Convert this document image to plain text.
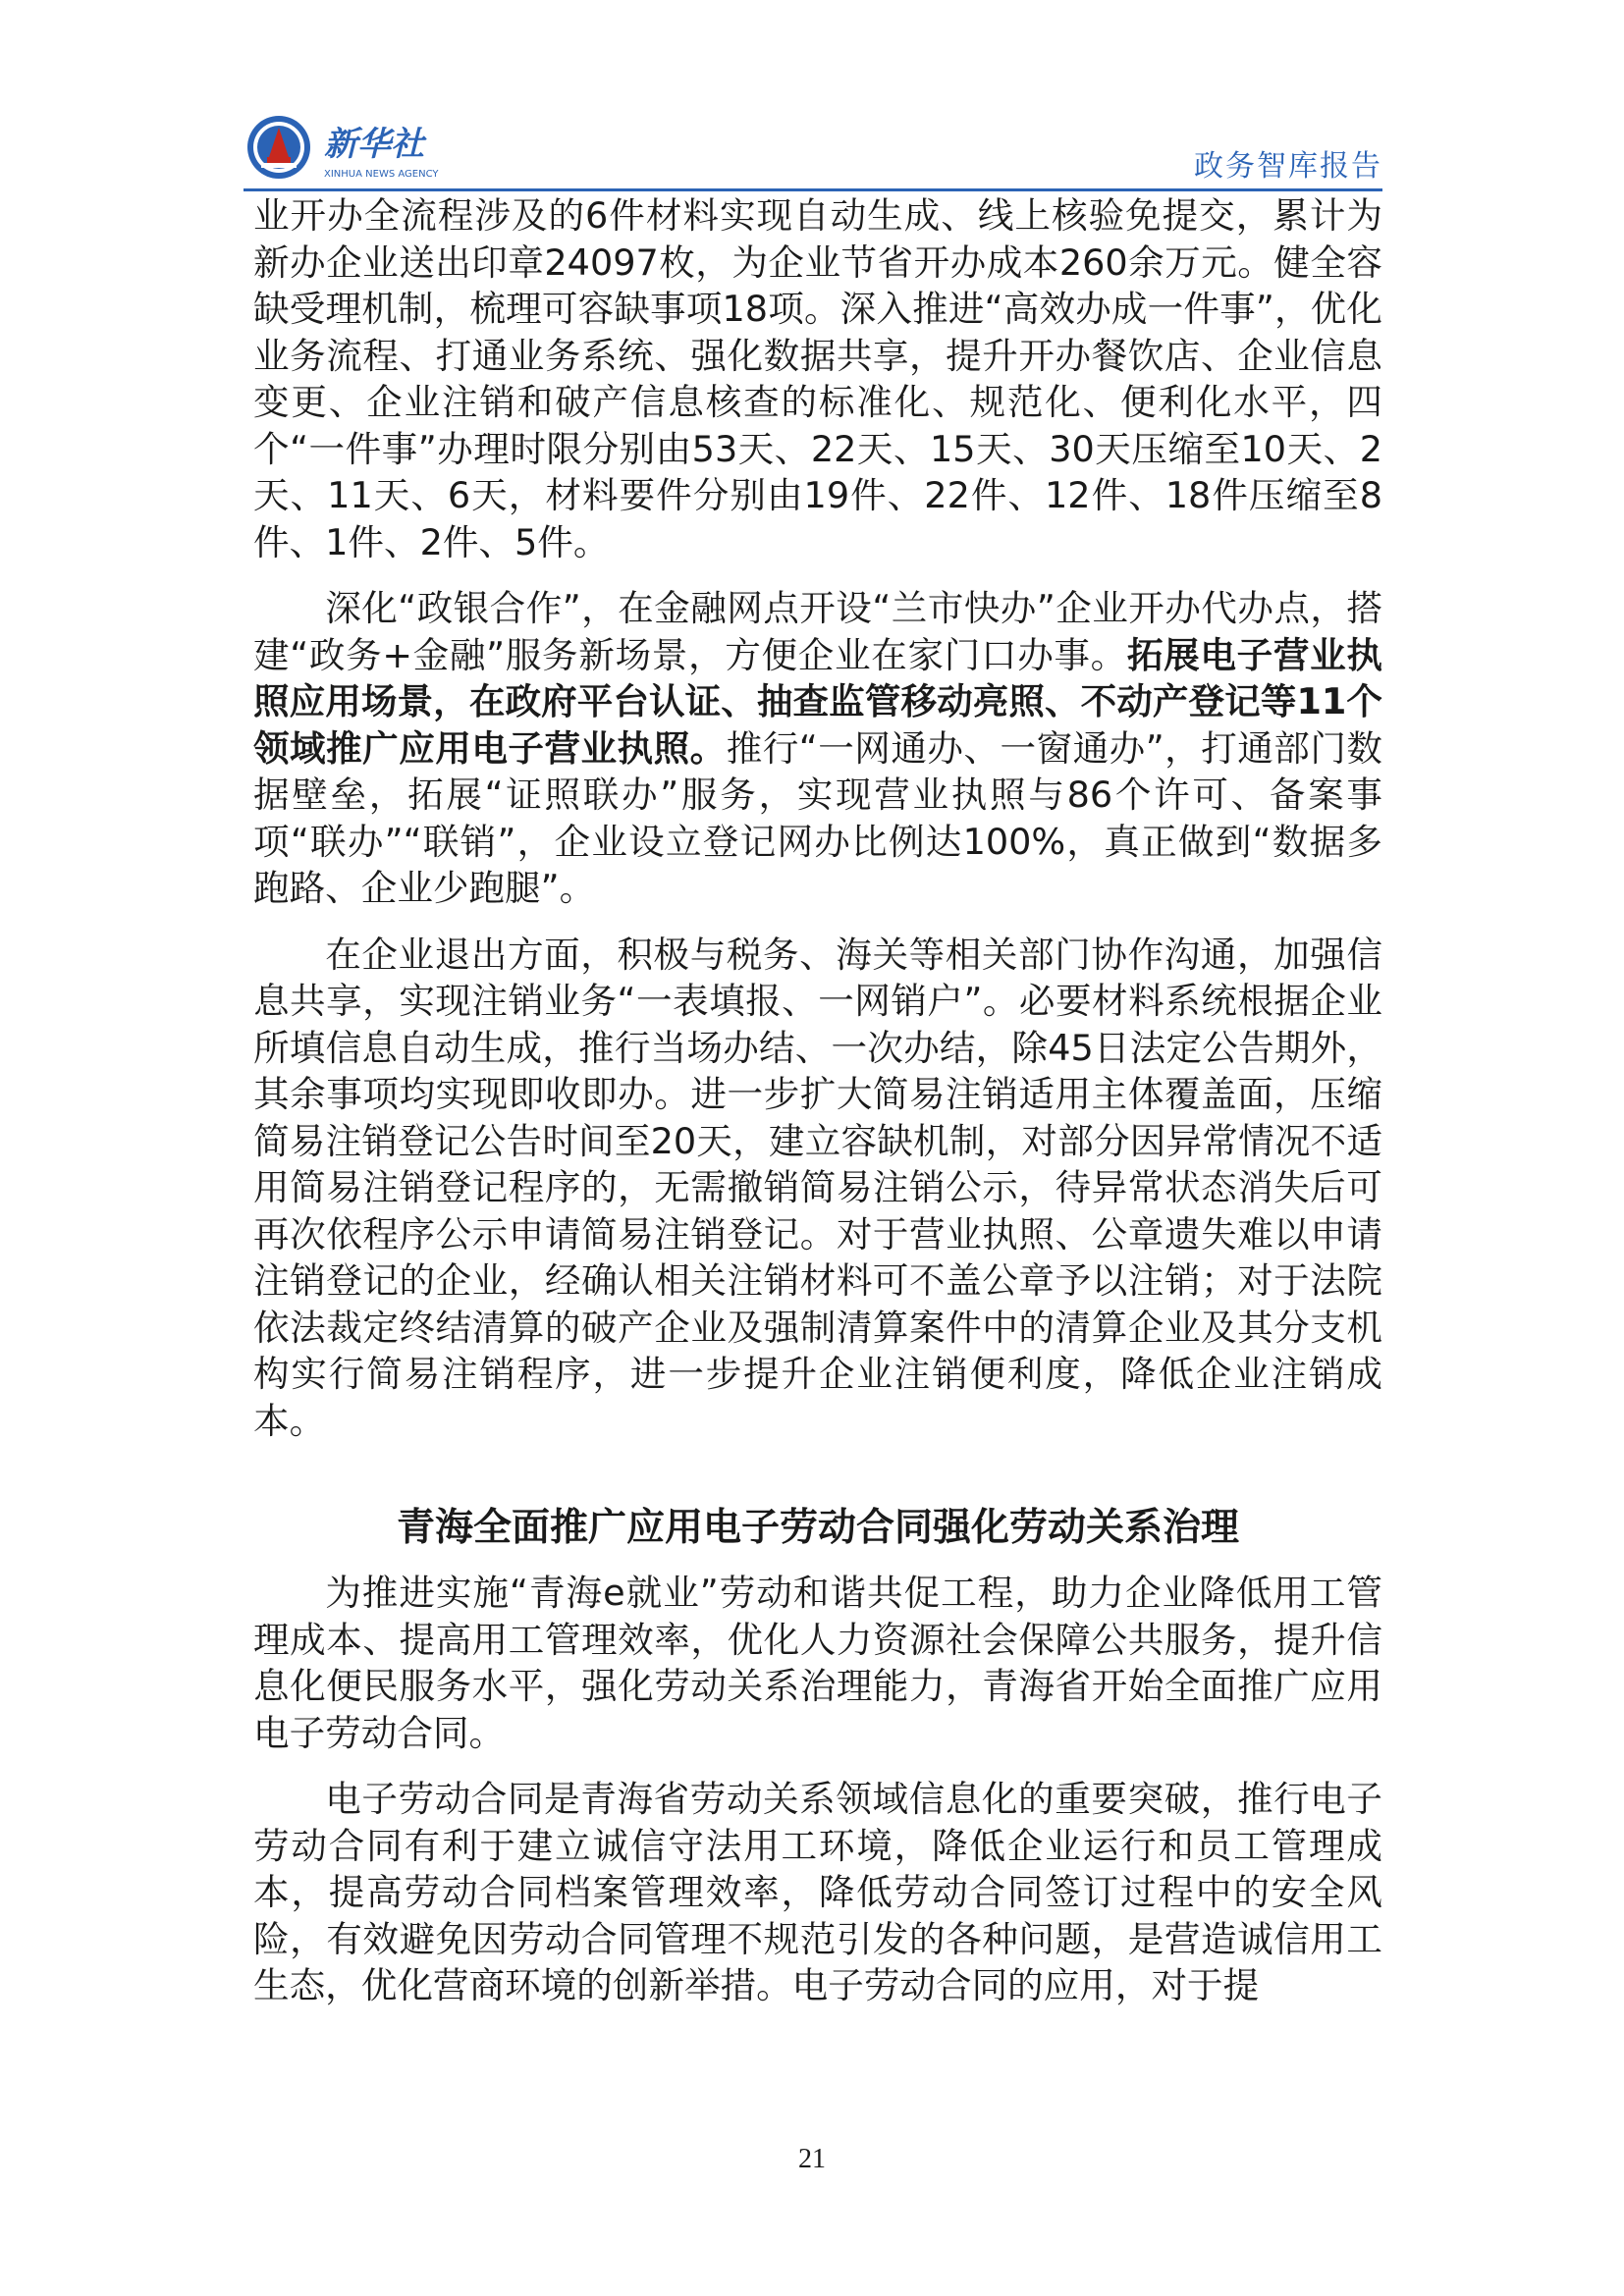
新华社
XINHUA NEWS AGENCY	政务智库报告

业开办全流程涉及的6件材料实现自动生成、线上核验免提交，累计为新办企业送出印章24097枚，为企业节省开办成本260余万元。健全容缺受理机制，梳理可容缺事项18项。深入推进“高效办成一件事”，优化业务流程、打通业务系统、强化数据共享，提升开办餐饮店、企业信息变更、企业注销和破产信息核查的标准化、规范化、便利化水平，四个“一件事”办理时限分别由53天、22天、15天、30天压缩至10天、2天、11天、6天，材料要件分别由19件、22件、12件、18件压缩至8件、1件、2件、5件。

深化“政银合作”，在金融网点开设“兰市快办”企业开办代办点，搭建“政务+金融”服务新场景，方便企业在家门口办事。拓展电子营业执照应用场景，在政府平台认证、抽查监管移动亮照、不动产登记等11个领域推广应用电子营业执照。推行“一网通办、一窗通办”，打通部门数据壁垒，拓展“证照联办”服务，实现营业执照与86个许可、备案事项“联办”“联销”，企业设立登记网办比例达100%，真正做到“数据多跑路、企业少跑腿”。

在企业退出方面，积极与税务、海关等相关部门协作沟通，加强信息共享，实现注销业务“一表填报、一网销户”。必要材料系统根据企业所填信息自动生成，推行当场办结、一次办结，除45日法定公告期外，其余事项均实现即收即办。进一步扩大简易注销适用主体覆盖面，压缩简易注销登记公告时间至20天，建立容缺机制，对部分因异常情况不适用简易注销登记程序的，无需撤销简易注销公示，待异常状态消失后可再次依程序公示申请简易注销登记。对于营业执照、公章遗失难以申请注销登记的企业，经确认相关注销材料可不盖公章予以注销；对于法院依法裁定终结清算的破产企业及强制清算案件中的清算企业及其分支机构实行简易注销程序，进一步提升企业注销便利度，降低企业注销成本。

青海全面推广应用电子劳动合同强化劳动关系治理

为推进实施“青海e就业”劳动和谐共促工程，助力企业降低用工管理成本、提高用工管理效率，优化人力资源社会保障公共服务，提升信息化便民服务水平，强化劳动关系治理能力，青海省开始全面推广应用电子劳动合同。

电子劳动合同是青海省劳动关系领域信息化的重要突破，推行电子劳动合同有利于建立诚信守法用工环境，降低企业运行和员工管理成本，提高劳动合同档案管理效率，降低劳动合同签订过程中的安全风险，有效避免因劳动合同管理不规范引发的各种问题，是营造诚信用工生态，优化营商环境的创新举措。电子劳动合同的应用，对于提

21
